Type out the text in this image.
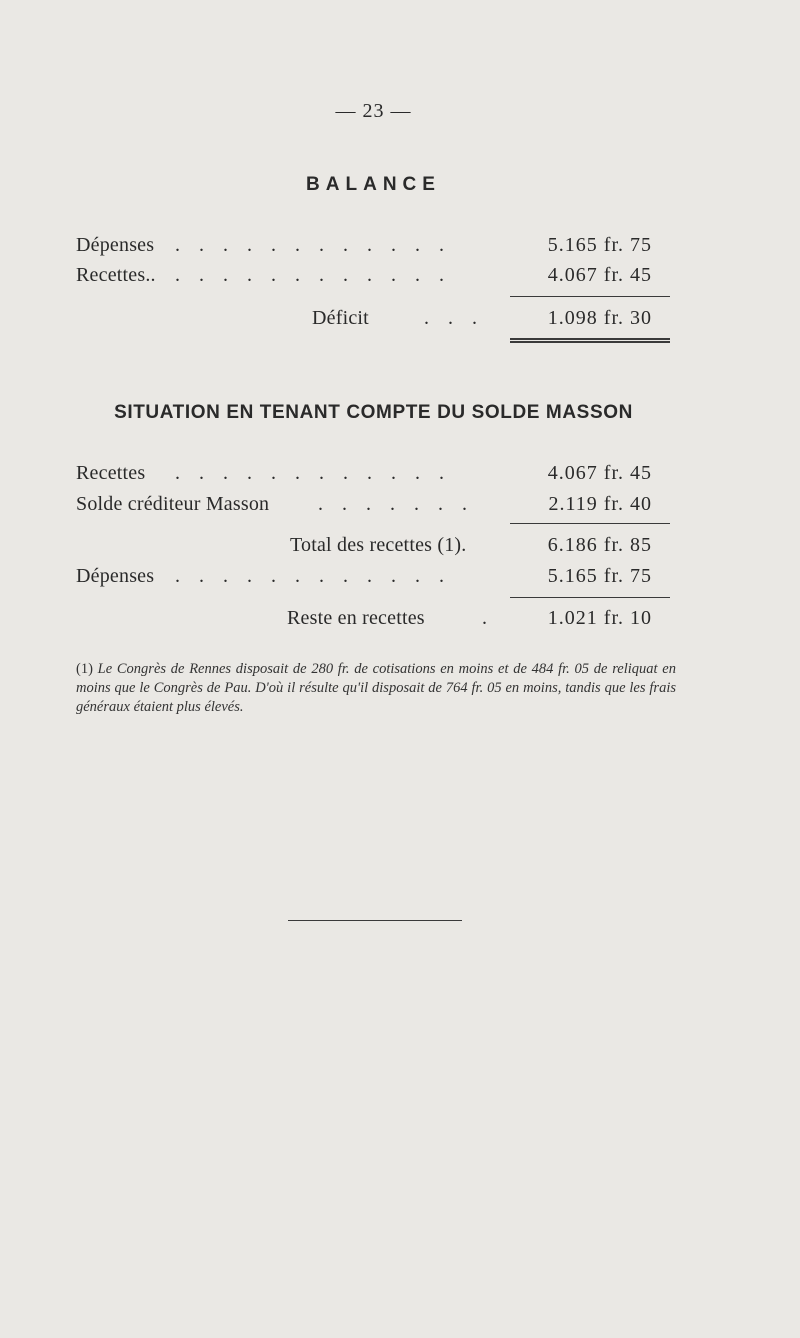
— 23 —
BALANCE
Dépenses . . . . . . . . . . . .	5.165 fr. 75
Recettes.. . . . . . . . . . . . .	4.067 fr. 45
Déficit	. . .	1.098 fr. 30
SITUATION EN TENANT COMPTE DU SOLDE MASSON
Recettes . . . . . . . . . . . .	4.067 fr. 45
Solde créditeur Masson . . . . . . .	2.119 fr. 40
Total des recettes (1).	6.186 fr. 85
Dépenses . . . . . . . . . . . .	5.165 fr. 75
Reste en recettes	.	1.021 fr. 10
(1) Le Congrès de Rennes disposait de 280 fr. de cotisations en moins et de 484 fr. 05 de reliquat en moins que le Congrès de Pau. D'où il résulte qu'il disposait de 764 fr. 05 en moins, tandis que les frais généraux étaient plus élevés.
